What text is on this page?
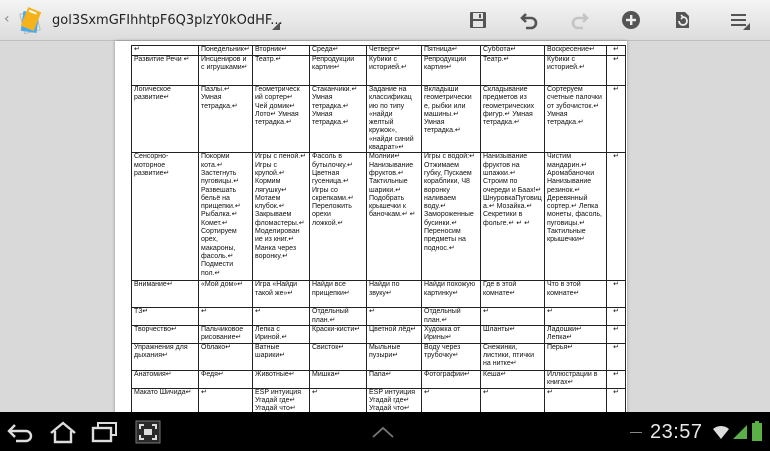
‹	gol3SxmGFIhhtpF6Q3plzY0kOdHF...
↵	Понедельник↵	Вторник↵	Среда↵	Четверг↵	Пятница↵	Суббота↵	Воскресение↵	↵
Развитие Речи ↵	Инсцениров и с игрушками↵	Театр.↵	Репродукции картин↵	Кубики с историей.↵	Репродукции картин↵	Театр.↵	Кубики с историей.↵	↵
Логическое развитие↵	Пазлы.↵ Умная тетрадка.↵	Геометрическ ий сортер↵ Чей домик↵ Лото↵ Умная тетрадка.↵	Стаканчики.↵ Умная тетрадка.↵ Умная тетрадка.↵	Задание на классификац ию по типу «найди желтый кружок», «найди синий квадрат»↵	Вкладыши геометрически е, рыбки или машины.↵ Умная тетрадка.↵	Складывание предметов из геометрических фигур.↵ Умная тетрадка.↵	Сортеруем счетные палочки от зубочисток.↵ Умная тетрадка.↵	↵
Сенсорно-моторное развитие↵	Покорми кота.↵ Застегнуть пуговицы.↵ Развешать бельё на прищепки.↵ Рыбалка.↵ Комет.↵ Сортируем орех, макароны, фасоль.↵ Подмести пол.↵	Игры с пеной.↵ Игры с крупой.↵ Кормим лягушку↵ Мотаем клубок.↵ Закрываем фломастеры.↵ Моделирован ие из книг.↵ Манка через воронку.↵	Фасоль в бутылочку.↵ Цветная гусеница.↵ Игры со скрепками.↵ Переложить орехи ложкой.↵	Молнии↵ Нанизывание фруктов.↵ Тактильные шарики.↵ Подобрать крышечки к баночкам.↵ ↵	Игры с водой:↵ Отжимаем губку, Пускаем кораблики, Ч8 воронку наливаем воду.↵ Замороженные бусинки.↵ Переносим предметы на поднос.↵	Нанизывание фруктов на шпажки.↵ Строим по очереди и Баах!↵ ШнуровкаПуговица.↵ Мозайка.↵ Секретики в фольге.↵ ↵ ↵	Чистим мандарин.↵ Аромабаночки Нанизывание резинок.↵ Деревянный сортер.↵ Лепка монеты, фасоль, пуговицы.↵ Тактильные крышечки↵	↵
Внимание↵	«Мой дом»↵	Игра «Найди такой же»↵	Найди все прищепки↵	Найди по звуку↵	Найди похожую картинку↵	Где в этой комнате↵	Что в этой комнате↵	↵
ТЗ↵	↵	↵	Отдельный план.↵	↵	Отдельный план.↵	↵	↵	↵
Творчество↵	Пальчиковое рисование↵	Лепка с Ириной.↵	Краски-кисти↵	Цветной лёд↵	Художка от Ирины↵	Шланты↵	Ладошки↵ Лепка↵	↵
Упражнения для дыхания↵	Облако↵	Ватные шарики↵	Свисток↵	Мыльные пузыри↵	Воду через трубочку↵	Снежинки, листики, птички на нитке↵	Перья↵	↵
Анатомия↵	Федя↵	Животные↵	Мишка↵	Папа↵	Фотографии↵	Кеша↵	Иллюстрации в книгах↵	↵
Макато Шичида↵	↵	ESP интуиция Угадай где↵ Угадай что↵	↵	ESP интуиция Угадай где↵ Угадай что↵	↵	↵	↵	↵
23:57
